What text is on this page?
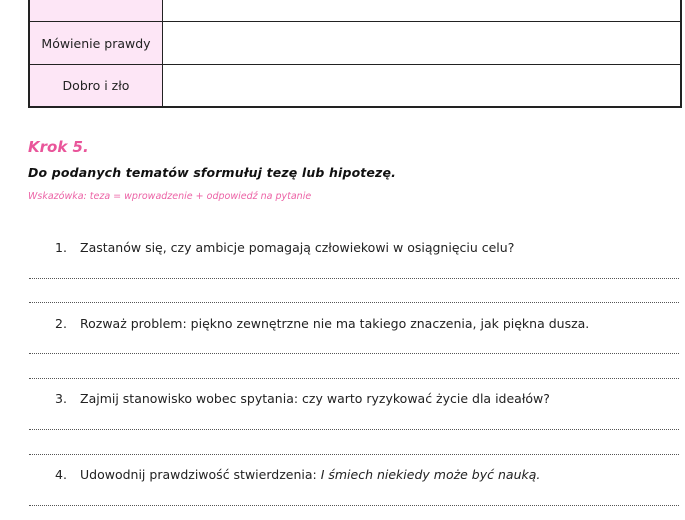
Mówienie prawdy	
Dobro i zło	

Krok 5.

Do podanych tematów sformułuj tezę lub hipotezę.

Wskazówka: teza = wprowadzenie + odpowiedź na pytanie

1. Zastanów się, czy ambicje pomagają człowiekowi w osiągnięciu celu?
2. Rozważ problem: piękno zewnętrzne nie ma takiego znaczenia, jak piękna dusza.
3. Zajmij stanowisko wobec spytania: czy warto ryzykować życie dla ideałów?
4. Udowodnij prawdziwość stwierdzenia: I śmiech niekiedy może być nauką.
